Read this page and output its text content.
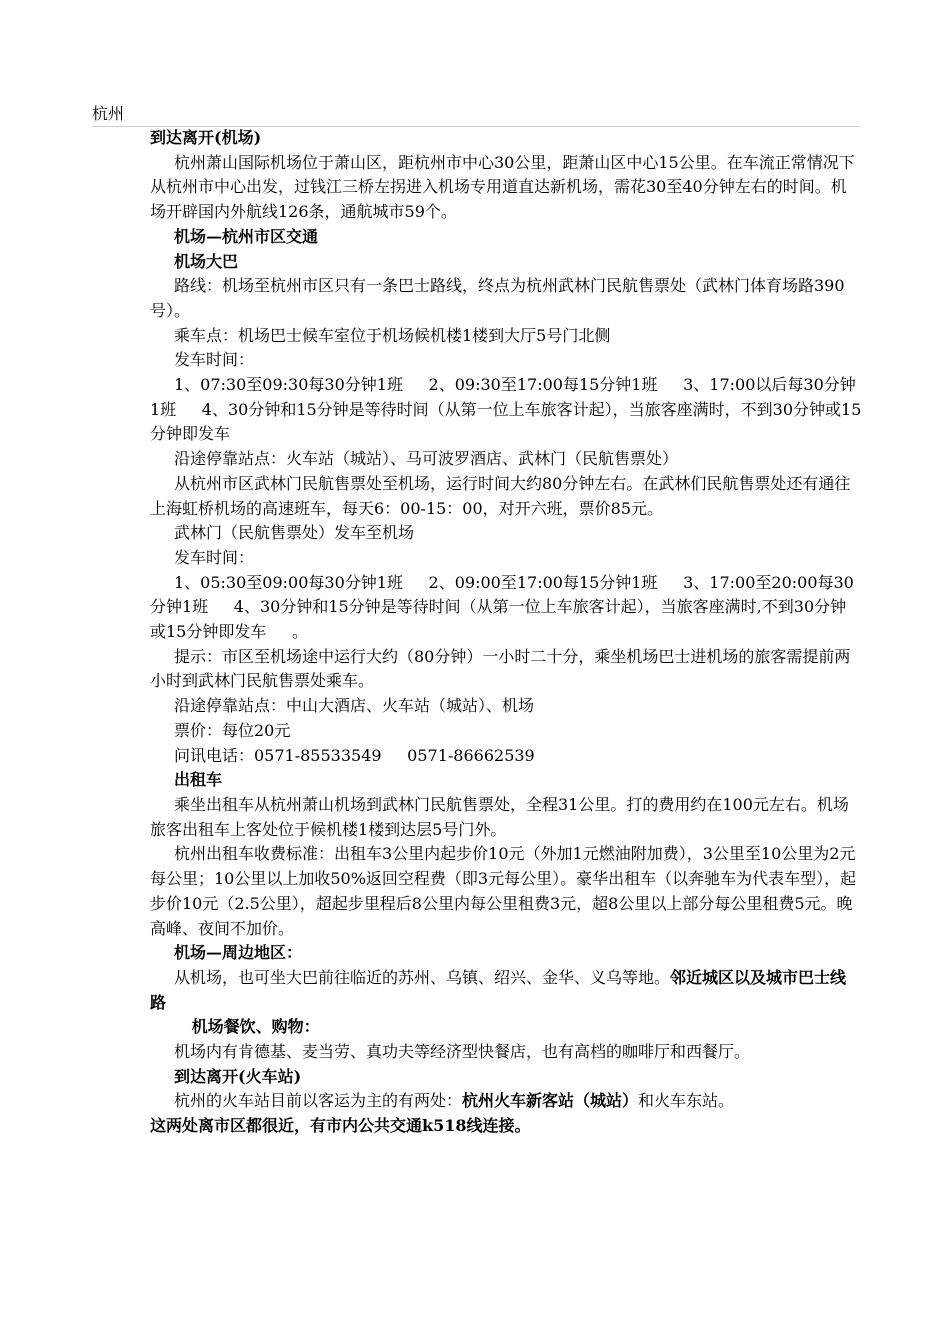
杭州

到达离开(机场)

杭州萧山国际机场位于萧山区，距杭州市中心30公里，距萧山区中心15公里。在车流正常情况下从杭州市中心出发，过钱江三桥左拐进入机场专用道直达新机场，需花30至40分钟左右的时间。机场开辟国内外航线126条，通航城市59个。

机场—杭州市区交通

机场大巴

路线：机场至杭州市区只有一条巴士路线，终点为杭州武林门民航售票处（武林门体育场路390号）。

乘车点：机场巴士候车室位于机场候机楼1楼到大厅5号门北侧

发车时间：

1、07:30至09:30每30分钟1班 2、09:30至17:00每15分钟1班 3、17:00以后每30分钟1班 4、30分钟和15分钟是等待时间（从第一位上车旅客计起），当旅客座满时，不到30分钟或15分钟即发车

沿途停靠站点：火车站（城站）、马可波罗酒店、武林门（民航售票处）

从杭州市区武林门民航售票处至机场，运行时间大约80分钟左右。在武林们民航售票处还有通往上海虹桥机场的高速班车，每天6：00-15：00，对开六班，票价85元。

武林门（民航售票处）发车至机场

发车时间：

1、05:30至09:00每30分钟1班 2、09:00至17:00每15分钟1班 3、17:00至20:00每30分钟1班 4、30分钟和15分钟是等待时间（从第一位上车旅客计起），当旅客座满时,不到30分钟或15分钟即发车 。

提示：市区至机场途中运行大约（80分钟）一小时二十分，乘坐机场巴士进机场的旅客需提前两小时到武林门民航售票处乘车。

沿途停靠站点：中山大酒店、火车站（城站）、机场

票价：每位20元

问讯电话：0571-85533549 0571-86662539

出租车

乘坐出租车从杭州萧山机场到武林门民航售票处，全程31公里。打的费用约在100元左右。机场旅客出租车上客处位于候机楼1楼到达层5号门外。

杭州出租车收费标准：出租车3公里内起步价10元（外加1元燃油附加费），3公里至10公里为2元每公里；10公里以上加收50%返回空程费（即3元每公里）。豪华出租车（以奔驰车为代表车型），起步价10元（2.5公里），超起步里程后8公里内每公里租费3元，超8公里以上部分每公里租费5元。晚高峰、夜间不加价。

机场—周边地区：

从机场，也可坐大巴前往临近的苏州、乌镇、绍兴、金华、义乌等地。邻近城区以及城市巴士线路

机场餐饮、购物：

机场内有肯德基、麦当劳、真功夫等经济型快餐店，也有高档的咖啡厅和西餐厅。

到达离开(火车站)

杭州的火车站目前以客运为主的有两处：杭州火车新客站（城站）和火车东站。

这两处离市区都很近，有市内公共交通k518线连接。
